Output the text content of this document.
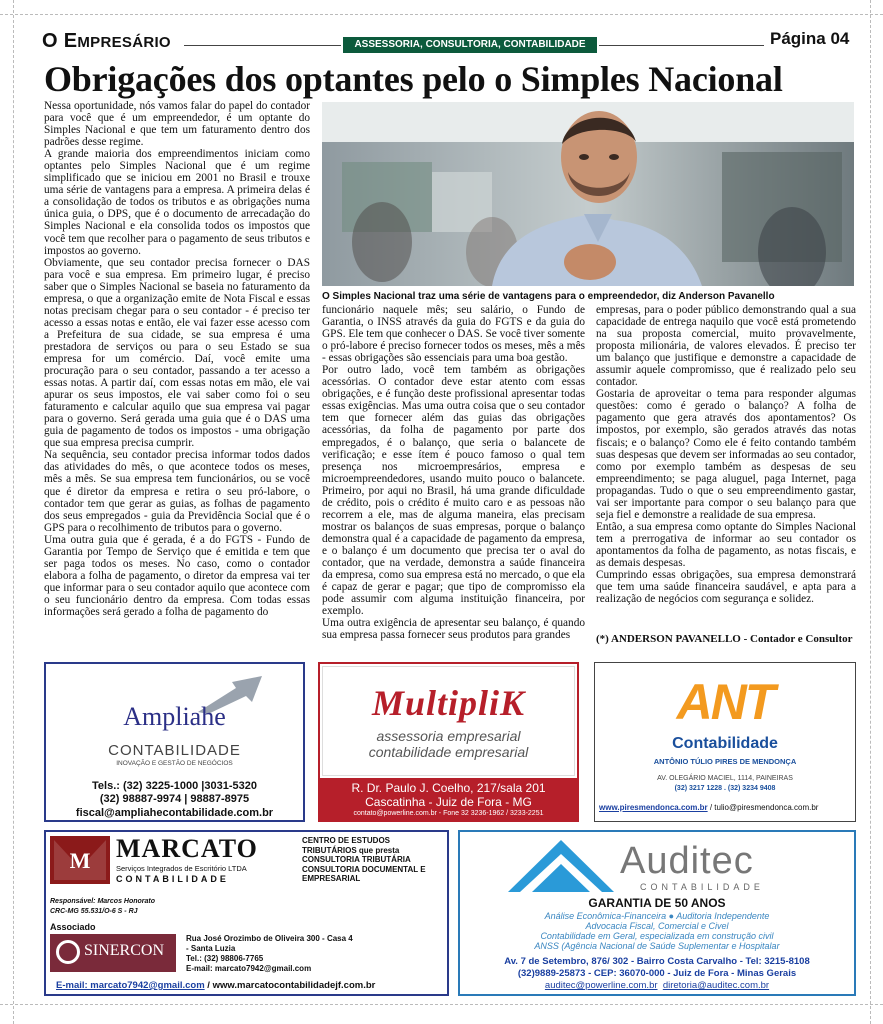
O EMPRESÁRIO	ASSESSORIA, CONSULTORIA, CONTABILIDADE	Página 04
Obrigações dos optantes pelo o Simples Nacional

Nessa oportunidade, nós vamos falar do papel do contador para você que é um empreendedor, é um optante do Simples Nacional e que tem um faturamento dentro dos padrões desse regime.

A grande maioria dos empreendimentos iniciam como optantes pelo Simples Nacional que é um regime simplificado que se iniciou em 2001 no Brasil e trouxe uma série de vantagens para a empresa. A primeira delas é a consolidação de todos os tributos e as obrigações numa única guia, o DPS, que é o documento de arrecadação do Simples Nacional e ela consolida todos os impostos que você tem que recolher para o pagamento de seus tributos e impostos ao governo.

Obviamente, que seu contador precisa fornecer o DAS para você e sua empresa. Em primeiro lugar, é preciso saber que o Simples Nacional se baseia no faturamento da empresa, o que a organização emite de Nota Fiscal e essas notas precisam chegar para o seu contador - é preciso ter acesso a essas notas e então, ele vai fazer esse acesso com a Prefeitura de sua cidade, se sua empresa é uma prestadora de serviços ou para o seu Estado se sua empresa for um comércio. Daí, você emite uma procuração para o seu contador, passando a ter acesso a essas notas. A partir daí, com essas notas em mão, ele vai apurar os seus impostos, ele vai saber como foi o seu faturamento e calcular aquilo que sua empresa vai pagar para o governo. Será gerada uma guia que é o DAS uma guia de pagamento de todos os impostos - uma obrigação que sua empresa precisa cumprir.

Na sequência, seu contador precisa informar todos dados das atividades do mês, o que acontece todos os meses, mês a mês. Se sua empresa tem funcionários, ou se você que é diretor da empresa e retira o seu pró-labore, o contador tem que gerar as guias, as folhas de pagamento dos seus empregados - guia da Previdência Social que é o GPS para o recolhimento de tributos para o governo.

Uma outra guia que é gerada, é a do FGTS - Fundo de Garantia por Tempo de Serviço que é emitida e tem que ser paga todos os meses. No caso, como o contador elabora a folha de pagamento, o diretor da empresa vai ter que informar para o seu contador aquilo que acontece com o seu funcionário dentro da empresa. Com todas essas informações será gerado a folha de pagamento do

O Simples Nacional traz uma série de vantagens para o empreendedor, diz Anderson Pavanello

funcionário naquele mês; seu salário, o Fundo de Garantia, o INSS através da guia do FGTS e da guia do GPS. Ele tem que conhecer o DAS. Se você tiver somente o pró-labore é preciso fornecer todos os meses, mês a mês - essas obrigações são essenciais para uma boa gestão.

Por outro lado, você tem também as obrigações acessórias. O contador deve estar atento com essas obrigações, e é função deste profissional apresentar todas essas exigências. Mas uma outra coisa que o seu contador tem que fornecer além das guias das obrigações acessórias, da folha de pagamento por parte dos empregados, é o balanço, que seria o balancete de verificação; e esse ítem é pouco famoso o qual tem presença nos microempresários, empresa e microempreendedores, usando muito pouco o balancete. Primeiro, por aqui no Brasil, há uma grande dificuldade de crédito, pois o crédito é muito caro e as pessoas não recorrem a ele, mas de alguma maneira, elas precisam mostrar os balanços de suas empresas, porque o balanço demonstra qual é a capacidade de pagamento da empresa, e o balanço é um documento que precisa ter o aval do contador, que na verdade, demonstra a saúde financeira da empresa, como sua empresa está no mercado, o que ela é capaz de gerar e pagar; que tipo de compromisso ela pode assumir com alguma instituição financeira, por exemplo.

Uma outra exigência de apresentar seu balanço, é quando sua empresa passa fornecer seus produtos para grandes

empresas, para o poder público demonstrando qual a sua capacidade de entrega naquilo que você está prometendo na sua proposta comercial, muito provavelmente, proposta milionária, de valores elevados. É preciso ter um balanço que justifique e demonstre a capacidade de assumir aquele compromisso, que é realizado pelo seu contador.

Gostaria de aproveitar o tema para responder algumas questões: como é gerado o balanço? A folha de pagamento que gera através dos apontamentos? Os impostos, por exemplo, são gerados através das notas fiscais; e o balanço? Como ele é feito contando também suas despesas que devem ser informadas ao seu contador, como por exemplo também as despesas de seu empreendimento; se paga aluguel, paga Internet, paga propagandas. Tudo o que o seu empreendimento gastar, vai ser importante para compor o seu balanço para que seja fiel e demonstre a realidade de sua empresa.

Então, a sua empresa como optante do Simples Nacional tem a prerrogativa de informar ao seu contador os apontamentos da folha de pagamento, as notas fiscais, e as demais despesas.

Cumprindo essas obrigações, sua empresa demonstrará que tem uma saúde financeira saudável, e apta para a realização de negócios com segurança e solidez.

(*) ANDERSON PAVANELLO - Contador e Consultor
Ampliahe
CONTABILIDADE
INOVAÇÃO E GESTÃO DE NEGÓCIOS
Tels.: (32) 3225-1000 |3031-5320
(32) 98887-9974 | 98887-8975
fiscal@ampliahecontabilidade.com.br
MultipliK
assessoria empresarial
contabilidade empresarial
R. Dr. Paulo J. Coelho, 217/sala 201
Cascatinha - Juiz de Fora - MG
contato@powerline.com.br - Fone 32 3236-1962 / 3233-2251
ANT
Contabilidade
ANTÔNIO TÚLIO PIRES DE MENDONÇA
AV. OLEGÁRIO MACIEL, 1114, PAINEIRAS
(32) 3217 1228 . (32) 3234 9408
www.piresmendonca.com.br / tulio@piresmendonca.com.br
M MARCATO
Serviços Integrados de Escritório LTDA
CONTABILIDADE
CENTRO DE ESTUDOS TRIBUTÁRIOS que presta CONSULTORIA TRIBUTÁRIA CONSULTORIA DOCUMENTAL E EMPRESARIAL
Responsável: Marcos Honorato
CRC-MG 55.531/O-6 S - RJ
Associado
SINERCON
Rua José Orozimbo de Oliveira 300 - Casa 4
- Santa Luzia
Tel.: (32) 98806-7765
E-mail: marcato7942@gmail.com
E-mail: marcato7942@gmail.com / www.marcatocontabilidadejf.com.br
Auditec
CONTABILIDADE
GARANTIA DE 50 ANOS
Análise Econômica-Financeira ● Auditoria Independente
Advocacia Fiscal, Comercial e Civel
Contabilidade em Geral, especializada em construção civil
ANSS (Agência Nacional de Saúde Suplementar e Hospitalar
Av. 7 de Setembro, 876/ 302 - Bairro Costa Carvalho - Tel: 3215-8108
(32)9889-25873 - CEP: 36070-000 - Juiz de Fora - Minas Gerais
auditec@powerline.com.br diretoria@auditec.com.br
